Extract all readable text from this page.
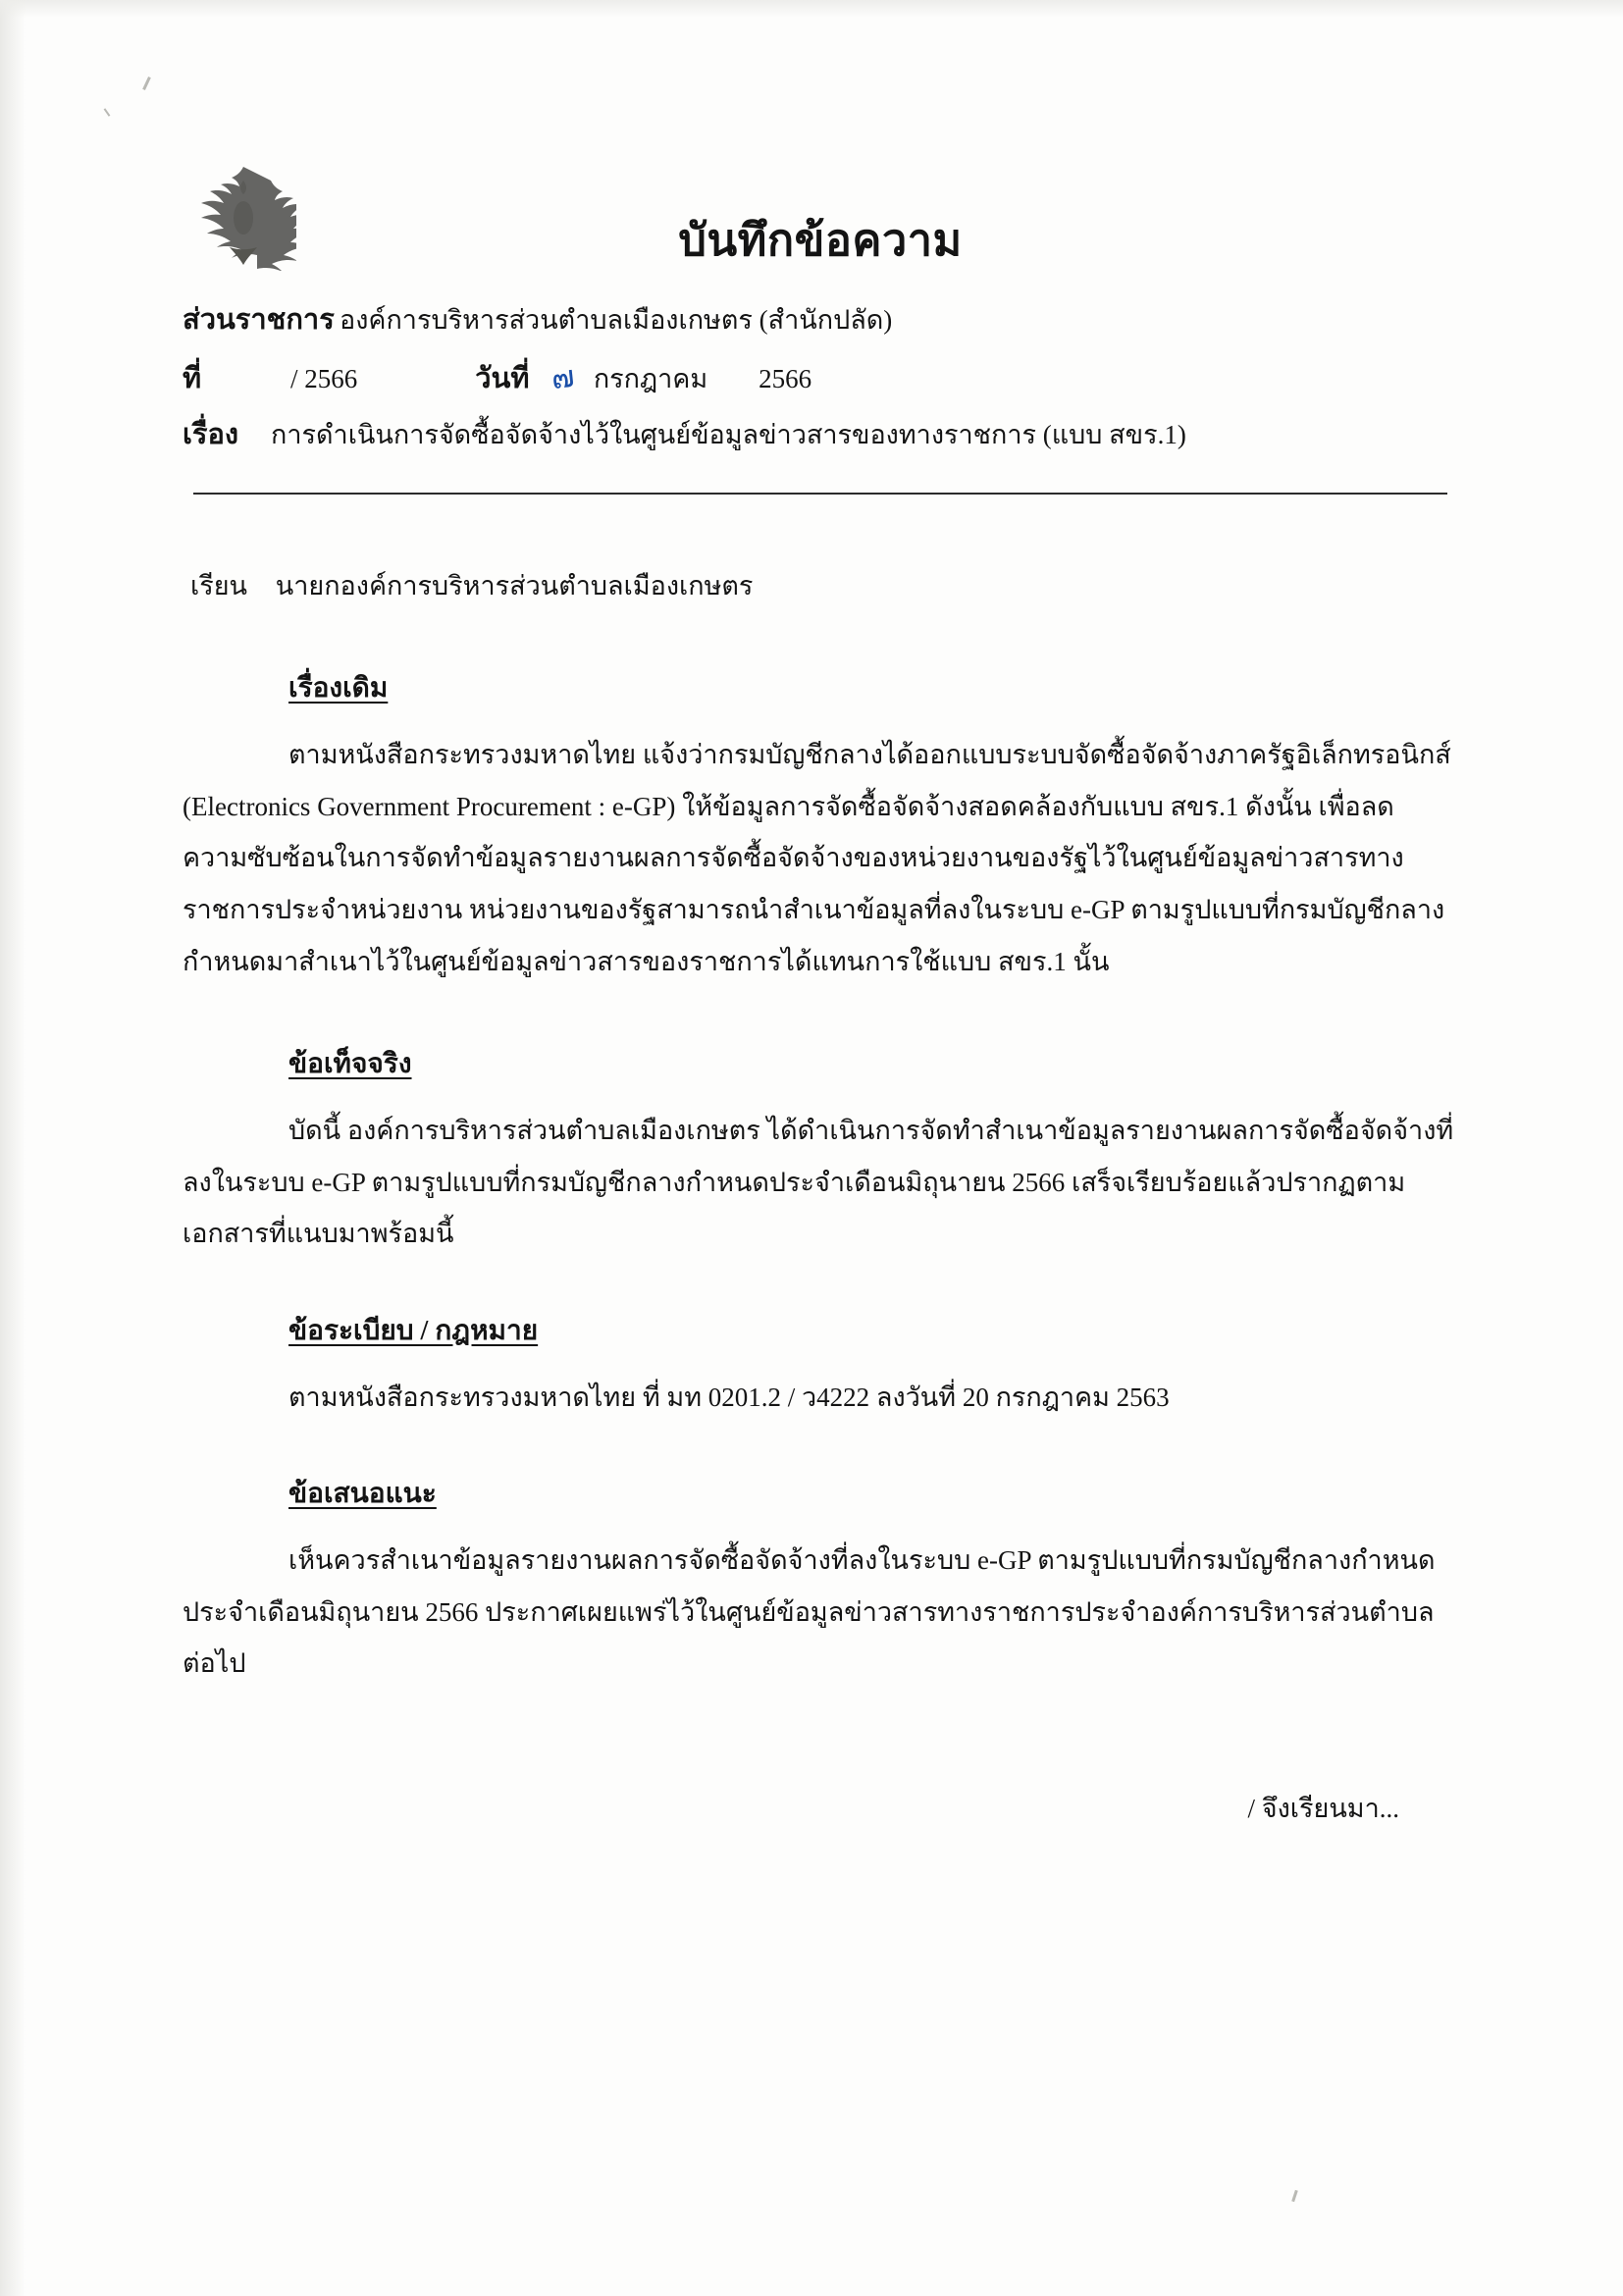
บันทึกข้อความ
ส่วนราชการ องค์การบริหารส่วนตำบลเมืองเกษตร (สำนักปลัด)
ที่	/ 2566	วันที่ ๗ กรกฎาคม 2566
เรื่อง	การดำเนินการจัดซื้อจัดจ้างไว้ในศูนย์ข้อมูลข่าวสารของทางราชการ (แบบ สขร.1)
เรียน นายกองค์การบริหารส่วนตำบลเมืองเกษตร
เรื่องเดิม
ตามหนังสือกระทรวงมหาดไทย แจ้งว่ากรมบัญชีกลางได้ออกแบบระบบจัดซื้อจัดจ้างภาครัฐอิเล็กทรอนิกส์ (Electronics Government Procurement : e-GP) ให้ข้อมูลการจัดซื้อจัดจ้างสอดคล้องกับแบบ สขร.1 ดังนั้น เพื่อลดความซับซ้อนในการจัดทำข้อมูลรายงานผลการจัดซื้อจัดจ้างของหน่วยงานของรัฐไว้ในศูนย์ข้อมูลข่าวสารทางราชการประจำหน่วยงาน หน่วยงานของรัฐสามารถนำสำเนาข้อมูลที่ลงในระบบ e-GP ตามรูปแบบที่กรมบัญชีกลางกำหนดมาสำเนาไว้ในศูนย์ข้อมูลข่าวสารของราชการได้แทนการใช้แบบ สขร.1 นั้น
ข้อเท็จจริง
บัดนี้ องค์การบริหารส่วนตำบลเมืองเกษตร ได้ดำเนินการจัดทำสำเนาข้อมูลรายงานผลการจัดซื้อจัดจ้างที่ลงในระบบ e-GP ตามรูปแบบที่กรมบัญชีกลางกำหนดประจำเดือนมิถุนายน 2566 เสร็จเรียบร้อยแล้วปรากฏตามเอกสารที่แนบมาพร้อมนี้
ข้อระเบียบ / กฎหมาย
ตามหนังสือกระทรวงมหาดไทย ที่ มท 0201.2 / ว4222 ลงวันที่ 20 กรกฎาคม 2563
ข้อเสนอแนะ
เห็นควรสำเนาข้อมูลรายงานผลการจัดซื้อจัดจ้างที่ลงในระบบ e-GP ตามรูปแบบที่กรมบัญชีกลางกำหนดประจำเดือนมิถุนายน 2566 ประกาศเผยแพร่ไว้ในศูนย์ข้อมูลข่าวสารทางราชการประจำองค์การบริหารส่วนตำบลต่อไป
/ จึงเรียนมา...
